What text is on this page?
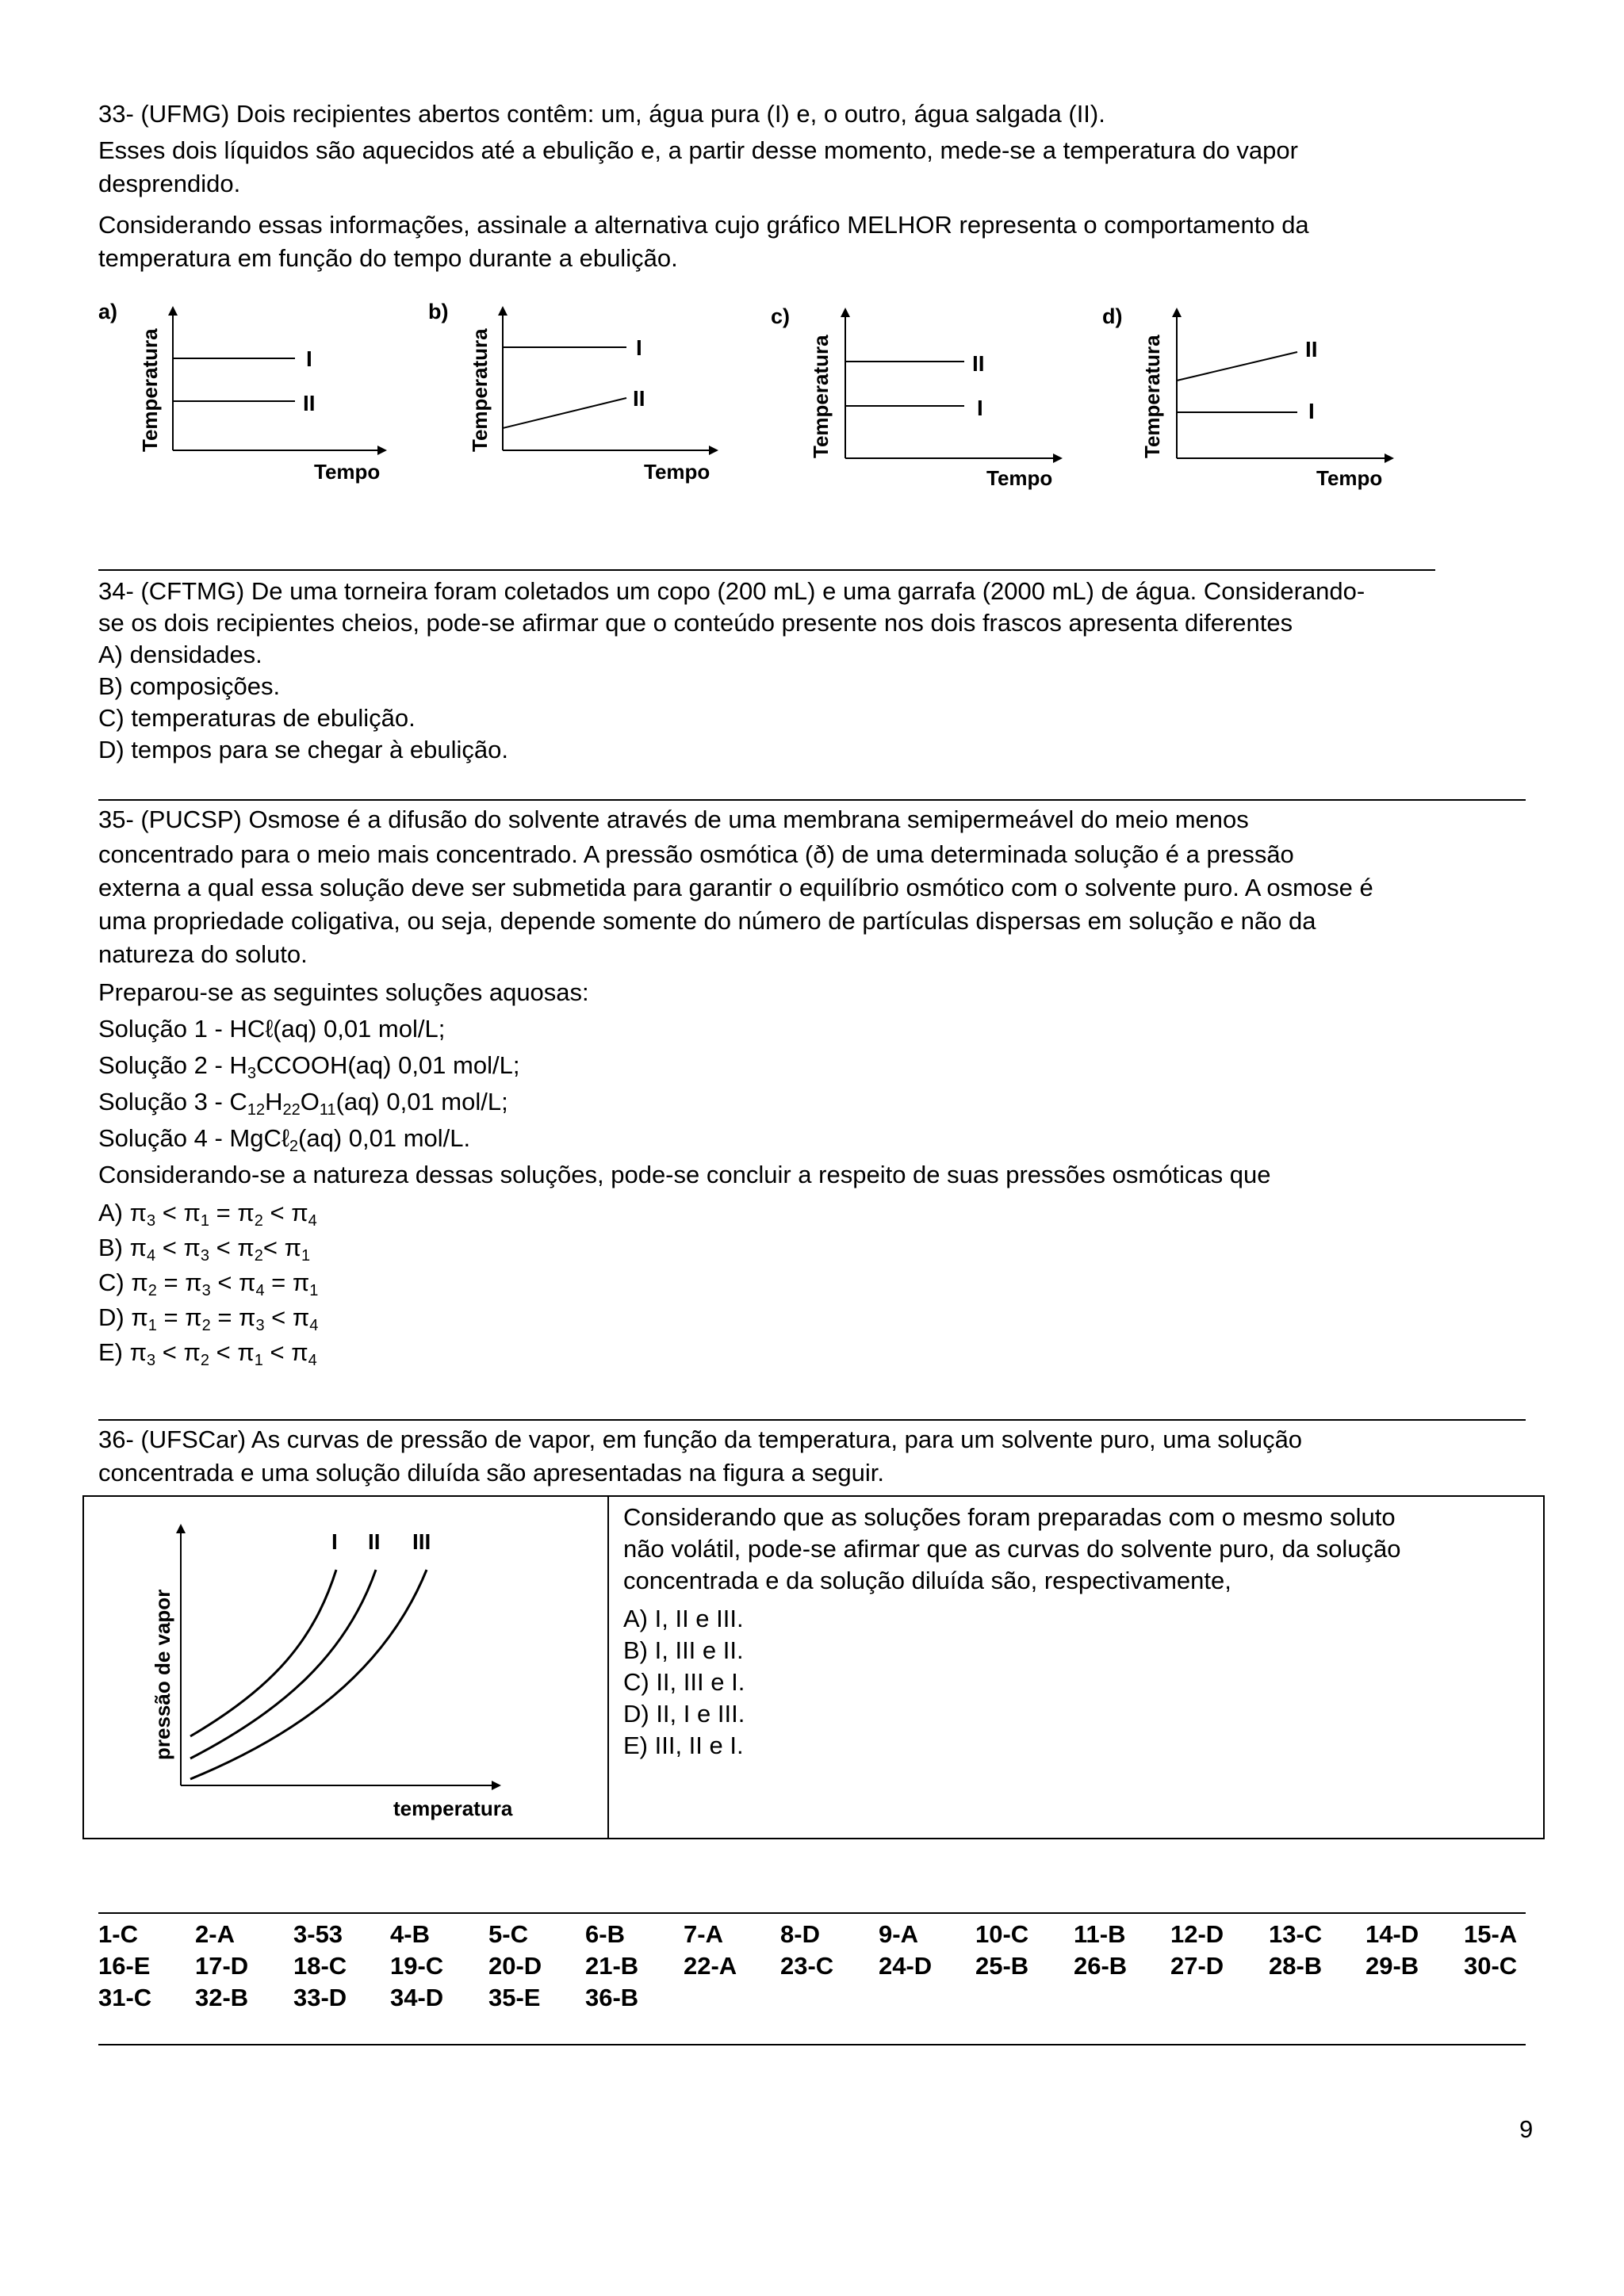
33- (UFMG) Dois recipientes abertos contêm: um, água pura (I) e, o outro, água salgada (II).
Esses dois líquidos são aquecidos até a ebulição e, a partir desse momento, mede-se a temperatura do vapor
desprendido.
Considerando essas informações, assinale a alternativa cujo gráfico MELHOR representa o comportamento da
temperatura em função do tempo durante a ebulição.
a)
I
II
Temperatura
Tempo
b)
I
II
Temperatura
Tempo
c)
II
I
Temperatura
Tempo
d)
II
I
Temperatura
Tempo
34- (CFTMG) De uma torneira foram coletados um copo (200 mL) e uma garrafa (2000 mL) de água. Considerando-
se os dois recipientes cheios, pode-se afirmar que o conteúdo presente nos dois frascos apresenta diferentes
A) densidades.
B) composições.
C) temperaturas de ebulição.
D) tempos para se chegar à ebulição.
35- (PUCSP) Osmose é a difusão do solvente através de uma membrana semipermeável do meio menos
concentrado para o meio mais concentrado. A pressão osmótica (ð) de uma determinada solução é a pressão
externa a qual essa solução deve ser submetida para garantir o equilíbrio osmótico com o solvente puro. A osmose é
uma propriedade coligativa, ou seja, depende somente do número de partículas dispersas em solução e não da
natureza do soluto.
Preparou-se as seguintes soluções aquosas:
Solução 1 - HCℓ(aq) 0,01 mol/L;
Solução $2 - H_3CCOOH(aq)$ 0,01 mol/L;
Solução $3 - C_{12}H_{22}O_{11}(aq)$ 0,01 mol/L;
Solução 4 - MgCℓ$_2$(aq) 0,01 mol/L.
Considerando-se a natureza dessas soluções, pode-se concluir a respeito de suas pressões osmóticas que
A) $\pi_3 < \pi_1 = \pi_2 < \pi_4$
B) $\pi_4 < \pi_3 < \pi_2< \pi_1$
C) $\pi_2 = \pi_3 < \pi_4 = \pi_1$
D) $\pi_1 = \pi_2 = \pi_3 < \pi_4$
E) $\pi_3 < \pi_2 < \pi_1 < \pi_4$
36- (UFSCar) As curvas de pressão de vapor, em função da temperatura, para um solvente puro, uma solução
concentrada e uma solução diluída são apresentadas na figura a seguir.
I II III
pressão de vapor
temperatura
Considerando que as soluções foram preparadas com o mesmo soluto
não volátil, pode-se afirmar que as curvas do solvente puro, da solução
concentrada e da solução diluída são, respectivamente,
A) I, II e III.
B) I, III e II.
C) II, III e I.
D) II, I e III.
E) III, II e I.
1-C 2-A 3-53 4-B 5-C 6-B 7-A 8-D 9-A 10-C 11-B 12-D 13-C 14-D 15-A
16-E 17-D 18-C 19-C 20-D 21-B 22-A 23-C 24-D 25-B 26-B 27-D 28-B 29-B 30-C
31-C 32-B 33-D 34-D 35-E 36-B
9
